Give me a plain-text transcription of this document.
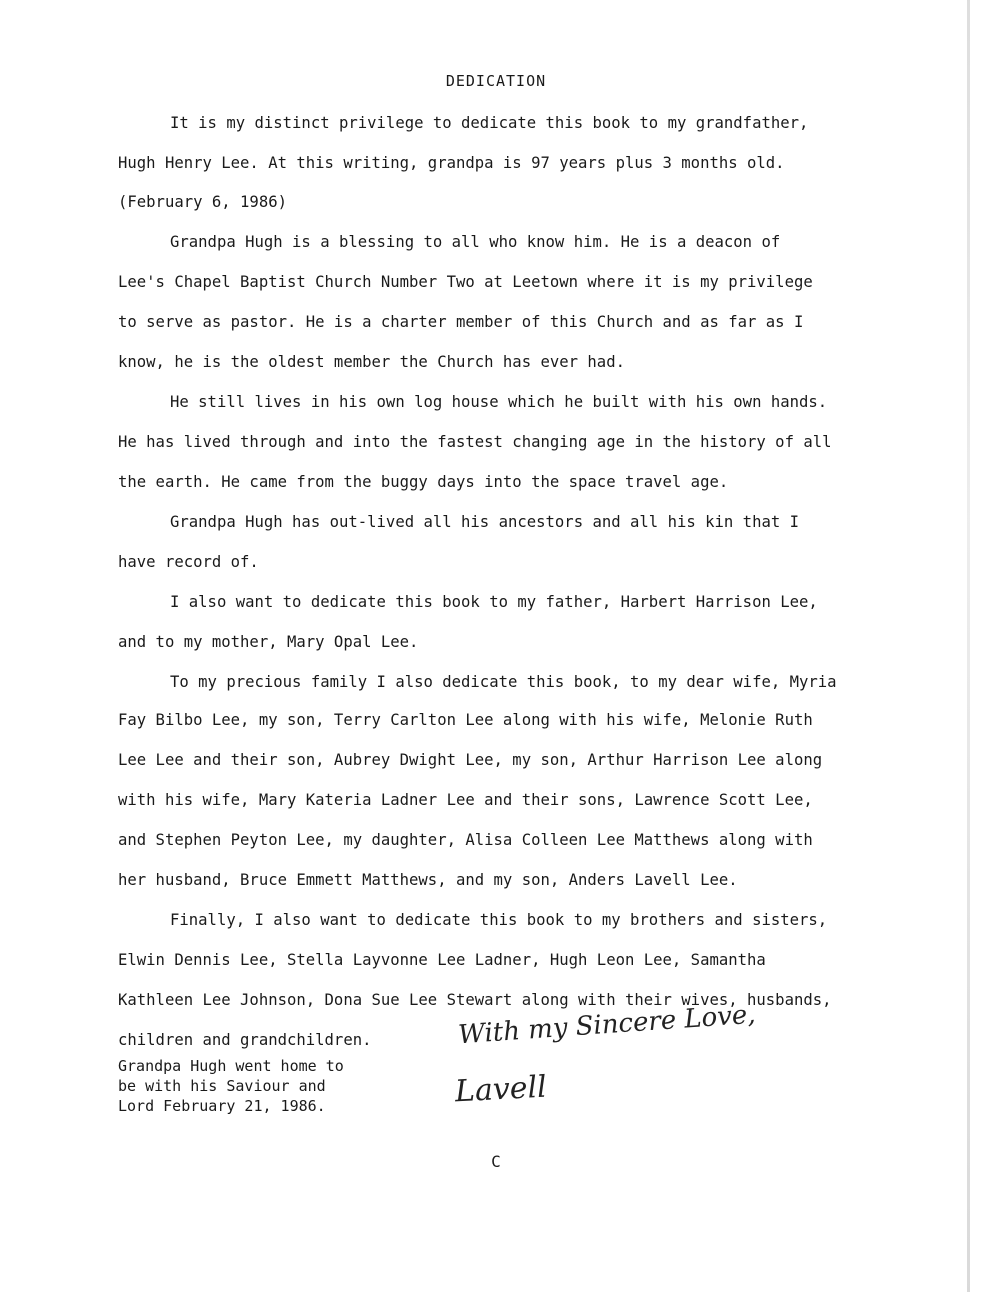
DEDICATION
It is my distinct privilege to dedicate this book to my grandfather,
Hugh Henry Lee. At this writing, grandpa is 97 years plus 3 months old.
(February 6, 1986)
Grandpa Hugh is a blessing to all who know him. He is a deacon of
Lee's Chapel Baptist Church Number Two at Leetown where it is my privilege
to serve as pastor. He is a charter member of this Church and as far as I
know, he is the oldest member the Church has ever had.
He still lives in his own log house which he built with his own hands.
He has lived through and into the fastest changing age in the history of all
the earth. He came from the buggy days into the space travel age.
Grandpa Hugh has out-lived all his ancestors and all his kin that I
have record of.
I also want to dedicate this book to my father, Harbert Harrison Lee,
and to my mother, Mary Opal Lee.
To my precious family I also dedicate this book, to my dear wife, Myria
Fay Bilbo Lee, my son, Terry Carlton Lee along with his wife, Melonie Ruth
Lee Lee and their son, Aubrey Dwight Lee, my son, Arthur Harrison Lee along
with his wife, Mary Kateria Ladner Lee and their sons, Lawrence Scott Lee,
and Stephen Peyton Lee, my daughter, Alisa Colleen Lee Matthews along with
her husband, Bruce Emmett Matthews, and my son, Anders Lavell Lee.
Finally, I also want to dedicate this book to my brothers and sisters,
Elwin Dennis Lee, Stella Layvonne Lee Ladner, Hugh Leon Lee, Samantha
Kathleen Lee Johnson, Dona Sue Lee Stewart along with their wives, husbands,
children and grandchildren.
Grandpa Hugh went home to
be with his Saviour and
Lord February 21, 1986.
With my Sincere Love,
Lavell
C
